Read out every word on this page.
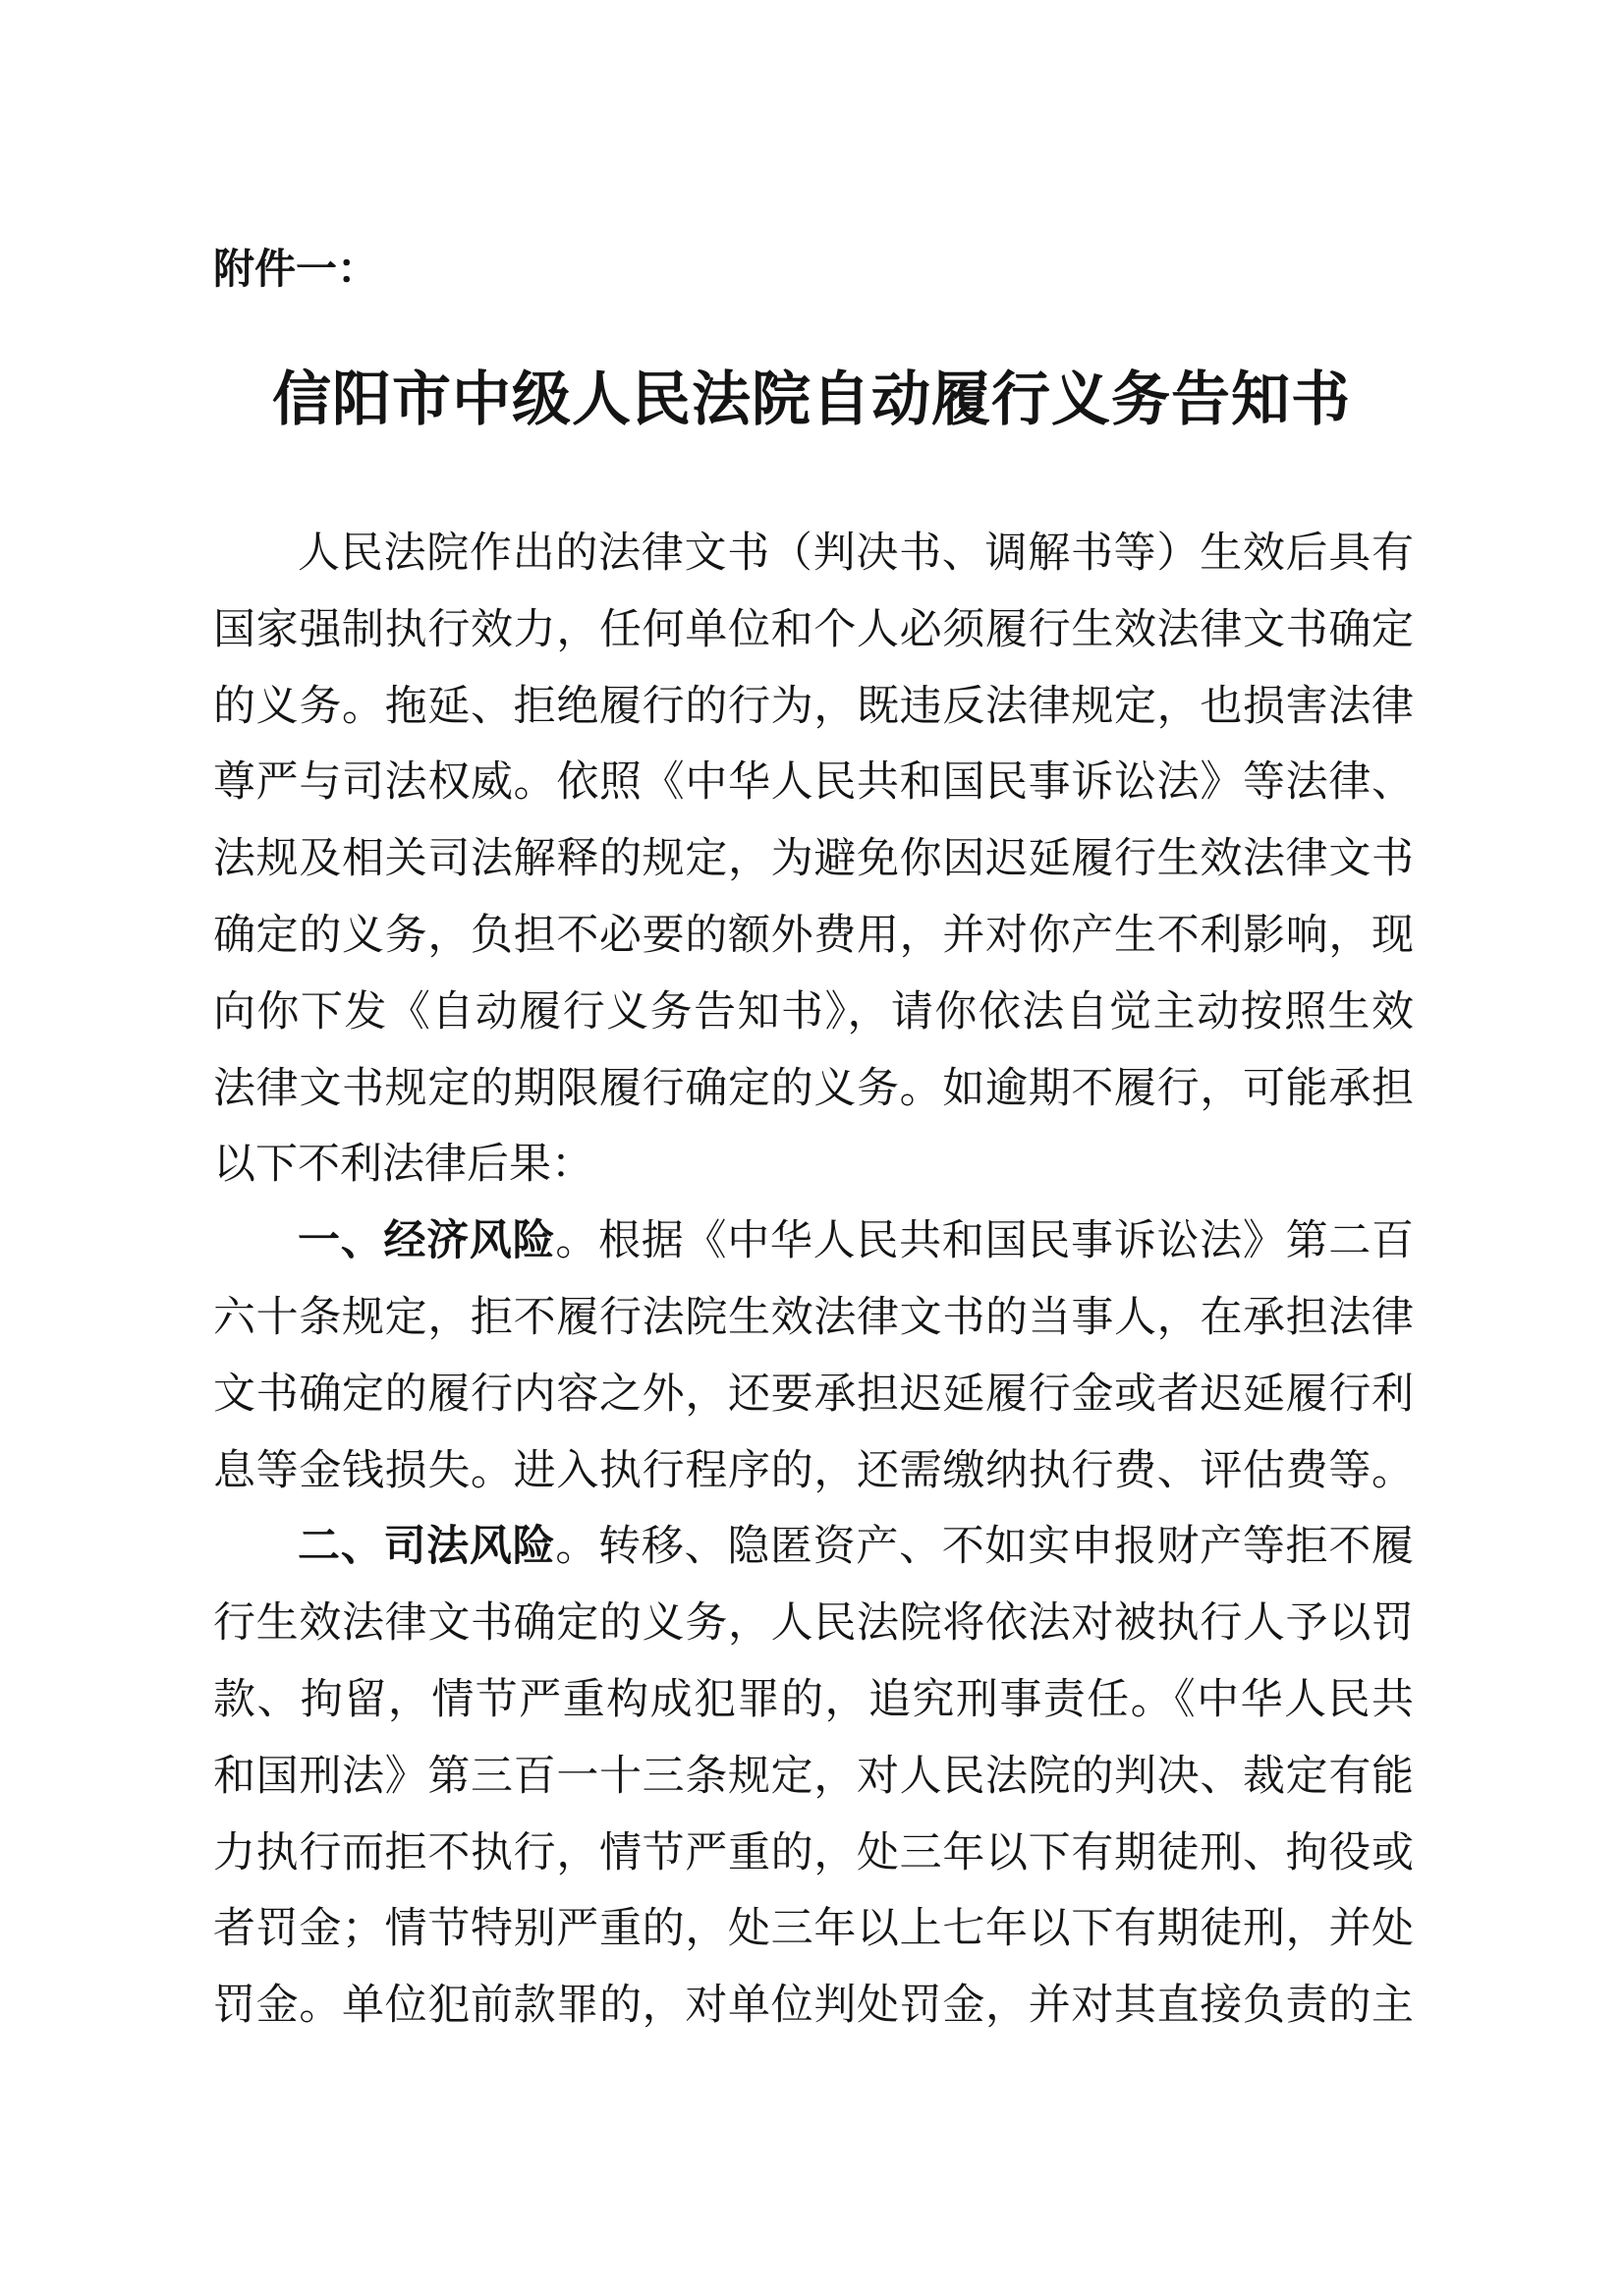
附件一：
信阳市中级人民法院自动履行义务告知书
人民法院作出的法律文书（判决书、调解书等）生效后具有
国家强制执行效力，任何单位和个人必须履行生效法律文书确定
的义务。拖延、拒绝履行的行为，既违反法律规定，也损害法律
尊严与司法权威。依照《中华人民共和国民事诉讼法》等法律、
法规及相关司法解释的规定，为避免你因迟延履行生效法律文书
确定的义务，负担不必要的额外费用，并对你产生不利影响，现
向你下发《自动履行义务告知书》，请你依法自觉主动按照生效
法律文书规定的期限履行确定的义务。如逾期不履行，可能承担
以下不利法律后果：
一、经济风险。根据《中华人民共和国民事诉讼法》第二百
六十条规定，拒不履行法院生效法律文书的当事人，在承担法律
文书确定的履行内容之外，还要承担迟延履行金或者迟延履行利
息等金钱损失。进入执行程序的，还需缴纳执行费、评估费等。
二、司法风险。转移、隐匿资产、不如实申报财产等拒不履
行生效法律文书确定的义务，人民法院将依法对被执行人予以罚
款、拘留，情节严重构成犯罪的，追究刑事责任。《中华人民共
和国刑法》第三百一十三条规定，对人民法院的判决、裁定有能
力执行而拒不执行，情节严重的，处三年以下有期徒刑、拘役或
者罚金；情节特别严重的，处三年以上七年以下有期徒刑，并处
罚金。单位犯前款罪的，对单位判处罚金，并对其直接负责的主
